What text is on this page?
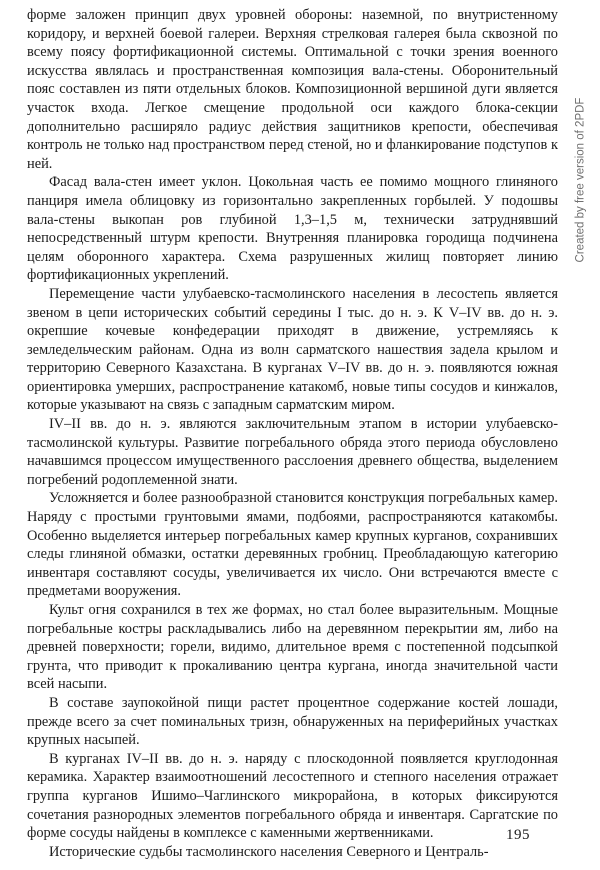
форме заложен принцип двух уровней обороны: наземной, по внутристенному коридору, и верхней боевой галереи. Верхняя стрелковая галерея была сквозной по всему поясу фортификационной системы. Оптимальной с точки зрения военного искусства являлась и пространственная композиция вала-стены. Оборонительный пояс составлен из пяти отдельных блоков. Композиционной вершиной дуги является участок входа. Легкое смещение продольной оси каждого блока-секции дополнительно расширяло радиус действия защитников крепости, обеспечивая контроль не только над пространством перед стеной, но и фланкирование подступов к ней.

Фасад вала-стен имеет уклон. Цокольная часть ее помимо мощного глиняного панциря имела облицовку из горизонтально закрепленных горбылей. У подошвы вала-стены выкопан ров глубиной 1,3–1,5 м, технически затруднявший непосредственный штурм крепости. Внутренняя планировка городища подчинена целям оборонного характера. Схема разрушенных жилищ повторяет линию фортификационных укреплений.

Перемещение части улубаевско-тасмолинского населения в лесостепь является звеном в цепи исторических событий середины I тыс. до н. э. К V–IV вв. до н. э. окрепшие кочевые конфедерации приходят в движение, устремляясь к земледельческим районам. Одна из волн сарматского нашествия задела крылом и территорию Северного Казахстана. В курганах V–IV вв. до н. э. появляются южная ориентировка умерших, распространение катакомб, новые типы сосудов и кинжалов, которые указывают на связь с западным сарматским миром.

IV–II вв. до н. э. являются заключительным этапом в истории улубаевско-тасмолинской культуры. Развитие погребального обряда этого периода обусловлено начавшимся процессом имущественного расслоения древнего общества, выделением погребений родоплеменной знати.

Усложняется и более разнообразной становится конструкция погребальных камер. Наряду с простыми грунтовыми ямами, подбоями, распространяются катакомбы. Особенно выделяется интерьер погребальных камер крупных курганов, сохранивших следы глиняной обмазки, остатки деревянных гробниц. Преобладающую категорию инвентаря составляют сосуды, увеличивается их число. Они встречаются вместе с предметами вооружения.

Культ огня сохранился в тех же формах, но стал более выразительным. Мощные погребальные костры раскладывались либо на деревянном перекрытии ям, либо на древней поверхности; горели, видимо, длительное время с постепенной подсыпкой грунта, что приводит к прокаливанию центра кургана, иногда значительной части всей насыпи.

В составе заупокойной пищи растет процентное содержание костей лошади, прежде всего за счет поминальных тризн, обнаруженных на периферийных участках крупных насыпей.

В курганах IV–II вв. до н. э. наряду с плоскодонной появляется круглодонная керамика. Характер взаимоотношений лесостепного и степного населения отражает группа курганов Ишимо–Чаглинского микрорайона, в которых фиксируются сочетания разнородных элементов погребального обряда и инвентаря. Саргатские по форме сосуды найдены в комплексе с каменными жертвенниками.

Исторические судьбы тасмолинского населения Северного и Централь-

195
Created by free version of 2PDF
